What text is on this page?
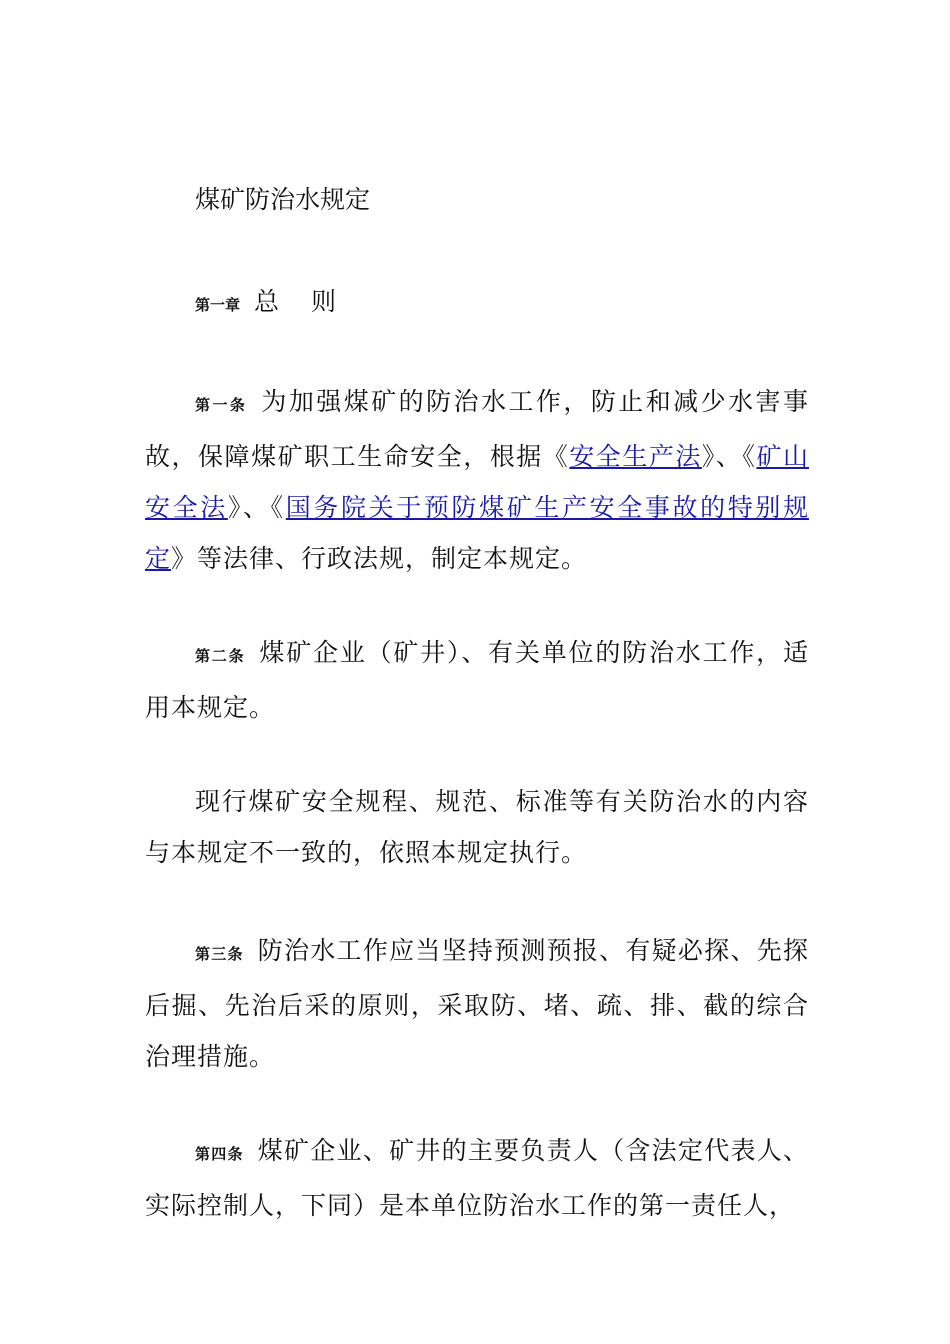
煤矿防治水规定
第一章 总 则

第一条 为加强煤矿的防治水工作，防止和减少水害事故，保障煤矿职工生命安全，根据《安全生产法》、《矿山安全法》、《国务院关于预防煤矿生产安全事故的特别规定》等法律、行政法规，制定本规定。

第二条 煤矿企业（矿井）、有关单位的防治水工作，适用本规定。

现行煤矿安全规程、规范、标准等有关防治水的内容与本规定不一致的，依照本规定执行。

第三条 防治水工作应当坚持预测预报、有疑必探、先探后掘、先治后采的原则，采取防、堵、疏、排、截的综合治理措施。

第四条 煤矿企业、矿井的主要负责人（含法定代表人、实际控制人，下同）是本单位防治水工作的第一责任人，
